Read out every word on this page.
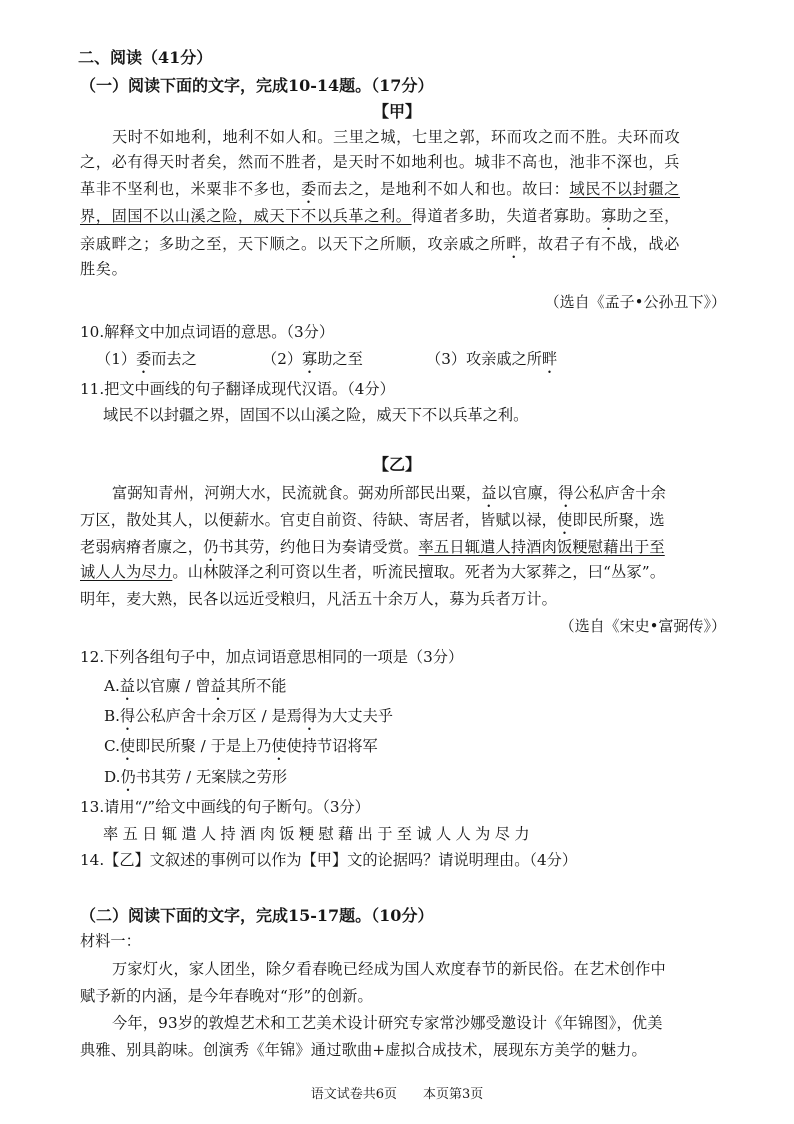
二、阅读（41分）
（一）阅读下面的文字，完成10-14题。（17分）
【甲】
天时不如地利，地利不如人和。三里之城，七里之郭，环而攻之而不胜。夫环而攻
之，必有得天时者矣，然而不胜者，是天时不如地利也。城非不高也，池非不深也，兵
革非不坚利也，米粟非不多也，委而去之，是地利不如人和也。故曰：域民不以封疆之
界，固国不以山溪之险，威天下不以兵革之利。得道者多助，失道者寡助。寡助之至，
亲戚畔之；多助之至，天下顺之。以天下之所顺，攻亲戚之所畔，故君子有不战，战必
胜矣。
（选自《孟子•公孙丑下》）
10.解释文中加点词语的意思。（3分）
（1）委而去之	（2）寡助之至	（3）攻亲戚之所畔
11.把文中画线的句子翻译成现代汉语。（4分）
域民不以封疆之界，固国不以山溪之险，威天下不以兵革之利。
【乙】
富弼知青州，河朔大水，民流就食。弼劝所部民出粟，益以官廪，得公私庐舍十余
万区，散处其人，以便薪水。官吏自前资、待缺、寄居者，皆赋以禄，使即民所聚，选
老弱病瘠者廪之，仍书其劳，约他日为奏请受赏。率五日辄遣人持酒肉饭粳慰藉出于至
诚人人为尽力。山林陂泽之利可资以生者，听流民擅取。死者为大冢葬之，曰“丛冢”。
明年，麦大熟，民各以远近受粮归，凡活五十余万人，募为兵者万计。
（选自《宋史•富弼传》）
12.下列各组句子中，加点词语意思相同的一项是（3分）
A.益以官廪 / 曾益其所不能
B.得公私庐舍十余万区 / 是焉得为大丈夫乎
C.使即民所聚 / 于是上乃使使持节诏将军
D.仍书其劳 / 无案牍之劳形
13.请用“/”给文中画线的句子断句。（3分）
率五日辄遣人持酒肉饭粳慰藉出于至诚人人为尽力
14.【乙】文叙述的事例可以作为【甲】文的论据吗？请说明理由。（4分）
（二）阅读下面的文字，完成15-17题。（10分）
材料一：
万家灯火，家人团坐，除夕看春晚已经成为国人欢度春节的新民俗。在艺术创作中
赋予新的内涵，是今年春晚对“形”的创新。
今年，93岁的敦煌艺术和工艺美术设计研究专家常沙娜受邀设计《年锦图》，优美
典雅、别具韵味。创演秀《年锦》通过歌曲+虚拟合成技术，展现东方美学的魅力。
语文试卷共6页　　本页第3页
